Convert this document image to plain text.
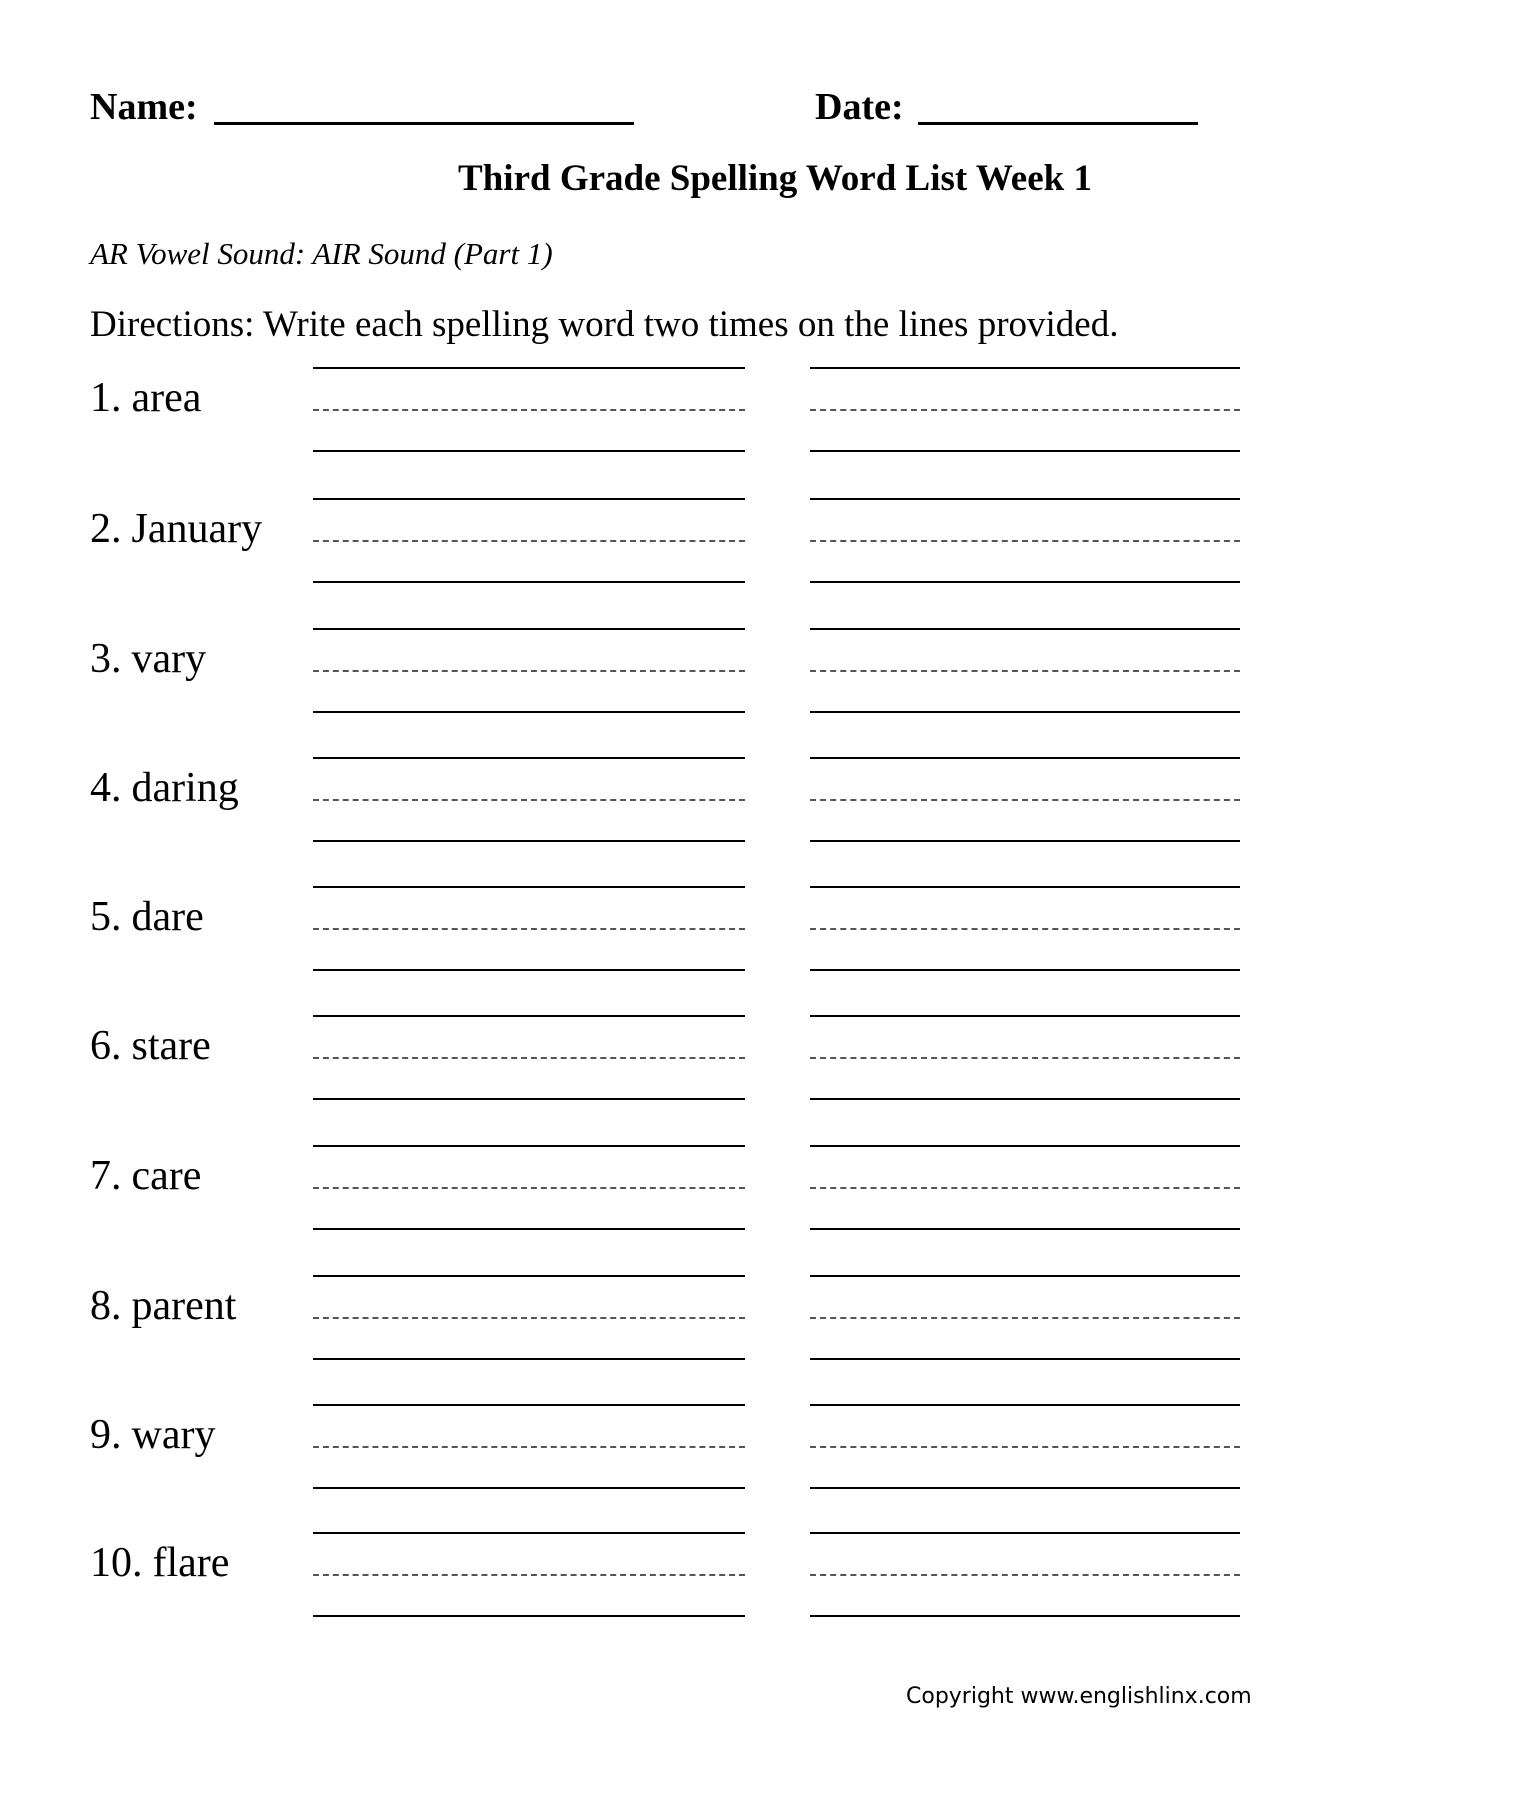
Name:	Date:
Third Grade Spelling Word List Week 1
AR Vowel Sound: AIR Sound (Part 1)
Directions: Write each spelling word two times on the lines provided.
1. area
2. January
3. vary
4. daring
5. dare
6. stare
7. care
8. parent
9. wary
10. flare
Copyright www.englishlinx.com
